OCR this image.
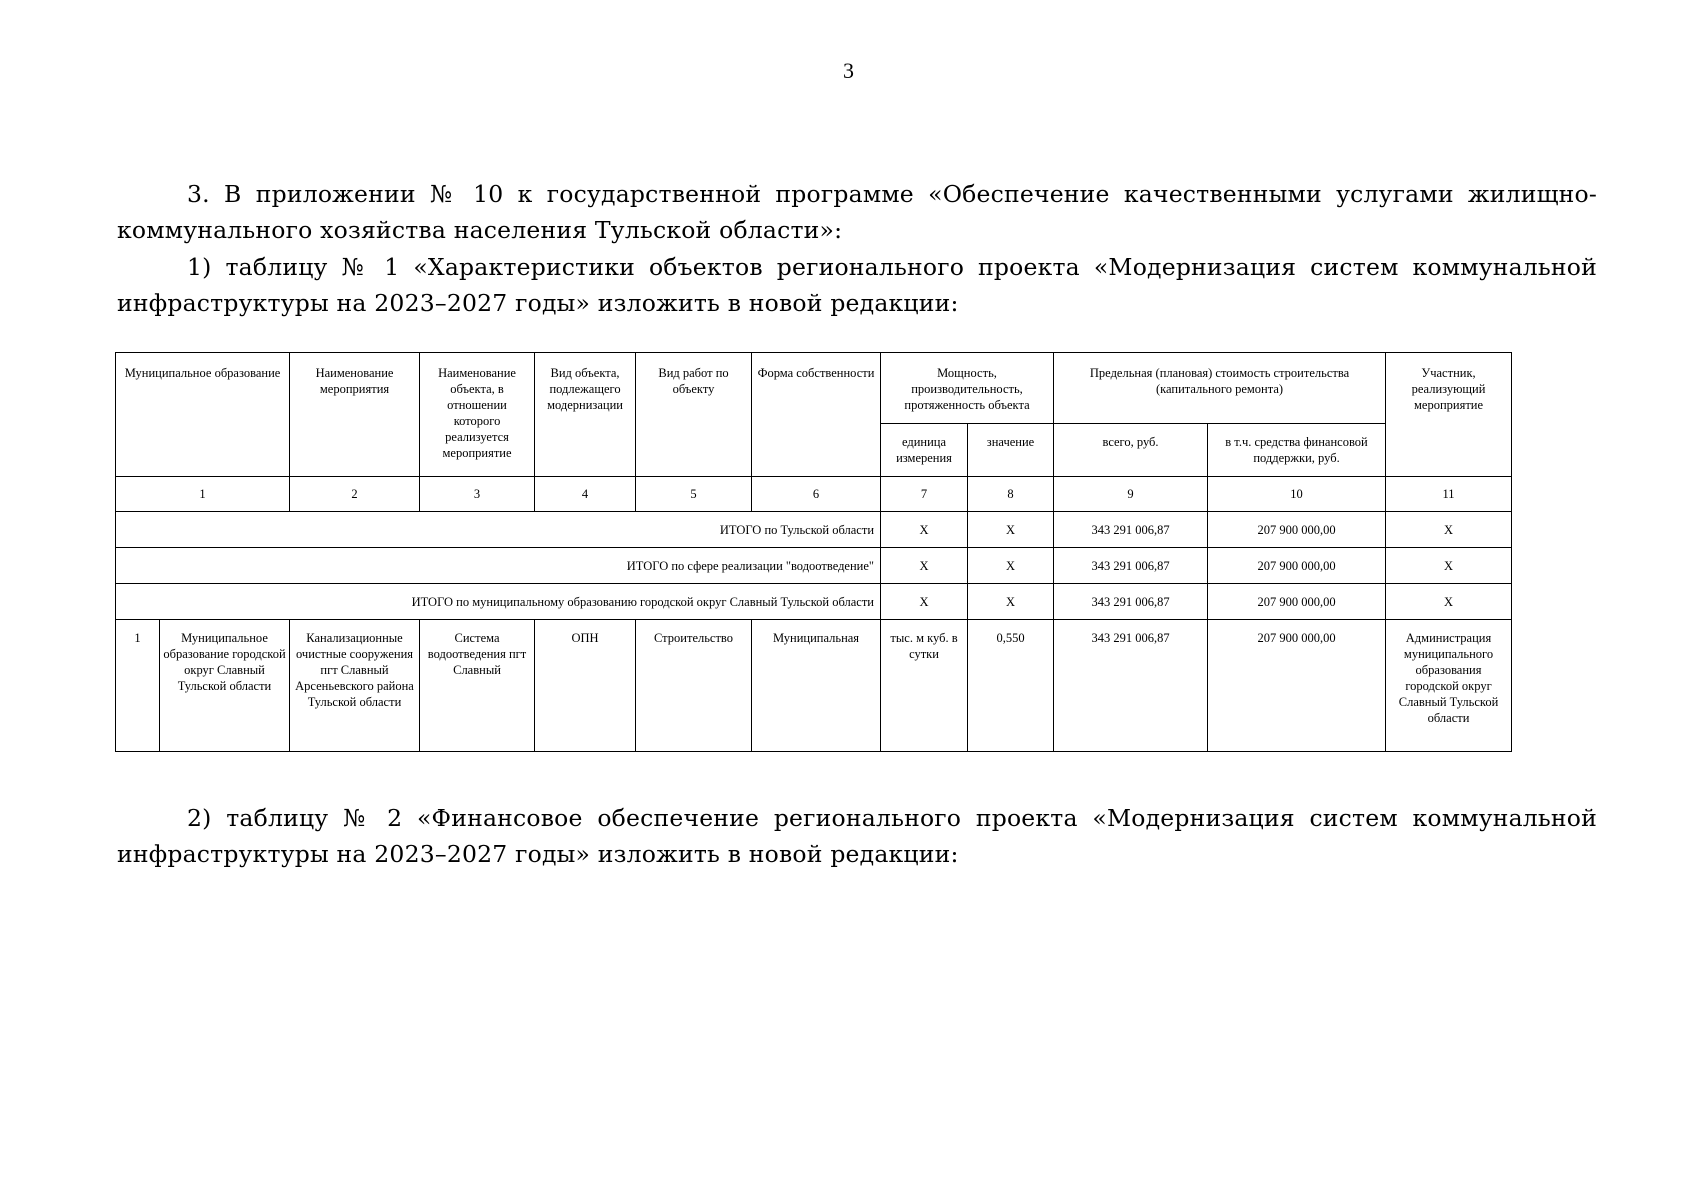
3
3. В приложении № 10 к государственной программе «Обеспечение качественными услугами жилищно-коммунального хозяйства населения Тульской области»:
1) таблицу № 1 «Характеристики объектов регионального проекта «Модернизация систем коммунальной инфраструктуры на 2023–2027 годы» изложить в новой редакции:
Муниципальное образование		Наименование мероприятия	Наименование объекта, в отношении которого реализуется мероприятие	Вид объекта, подлежащего модернизации	Вид работ по объекту	Форма собственности	Мощность, производительность, протяженность объекта		Предельная (плановая) стоимость строительства (капитального ремонта)		Участник, реализующий мероприятие
							единица измерения	значение	всего, руб.	в т.ч. средства финансовой поддержки, руб.	
1		2	3	4	5	6	7	8	9	10	11
ИТОГО по Тульской области							Х	Х	343 291 006,87	207 900 000,00	Х
ИТОГО по сфере реализации "водоотведение"							Х	Х	343 291 006,87	207 900 000,00	Х
ИТОГО по муниципальному образованию городской округ Славный Тульской области							Х	Х	343 291 006,87	207 900 000,00	Х
1	Муниципальное образование городской округ Славный Тульской области	Канализационные очистные сооружения пгт Славный Арсеньевского района Тульской области	Система водоотведения пгт Славный	ОПН	Строительство	Муниципальная	тыс. м куб. в сутки	0,550	343 291 006,87	207 900 000,00	Администрация муниципального образования городской округ Славный Тульской области
2) таблицу № 2 «Финансовое обеспечение регионального проекта «Модернизация систем коммунальной инфраструктуры на 2023–2027 годы» изложить в новой редакции:
